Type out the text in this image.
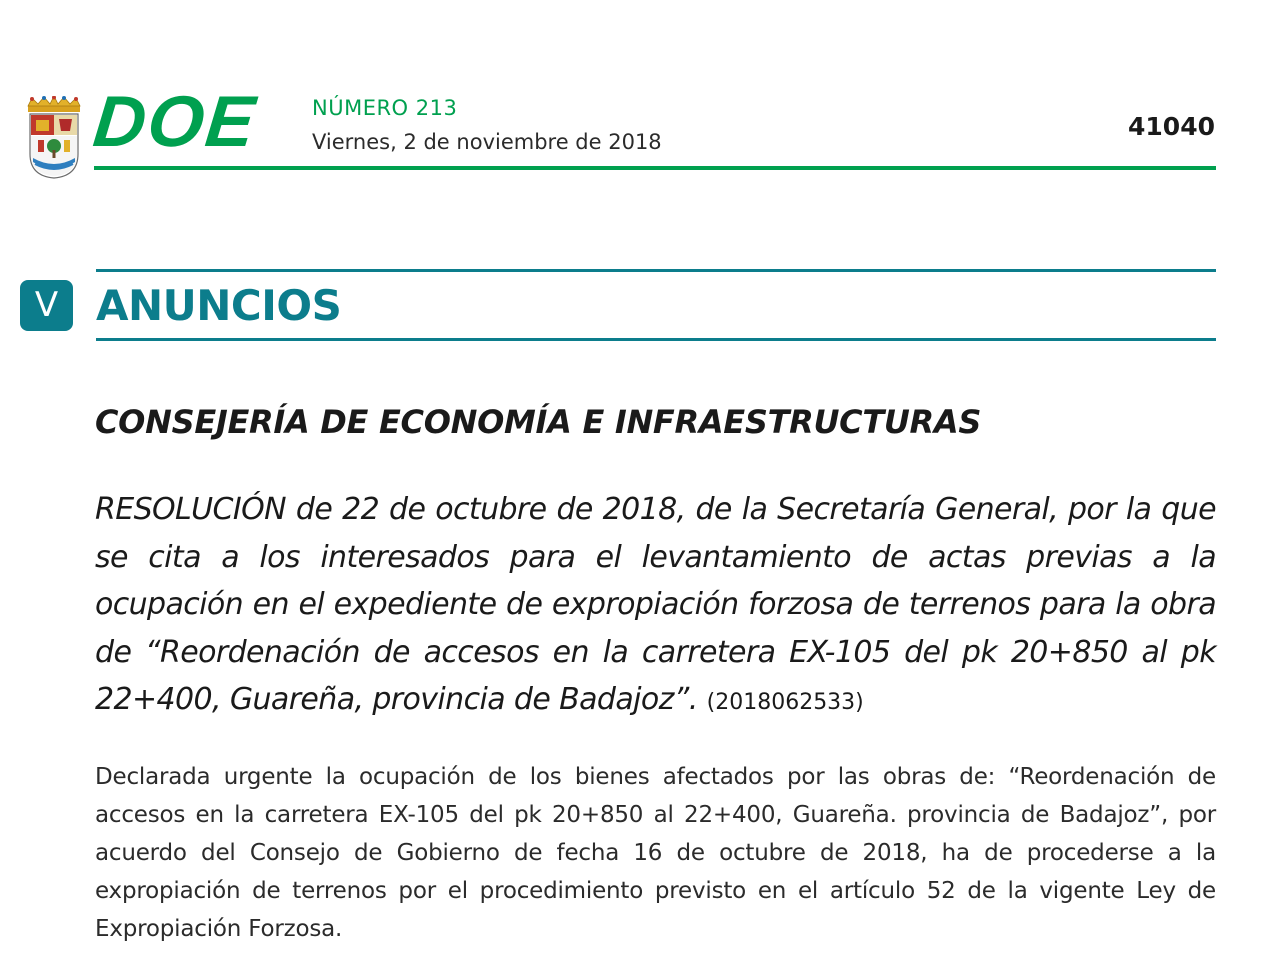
DOE NÚMERO 213
Viernes, 2 de noviembre de 2018
41040
V ANUNCIOS
CONSEJERÍA DE ECONOMÍA E INFRAESTRUCTURAS
RESOLUCIÓN de 22 de octubre de 2018, de la Secretaría General, por la que se cita a los interesados para el levantamiento de actas previas a la ocupación en el expediente de expropiación forzosa de terrenos para la obra de “Reordenación de accesos en la carretera EX-105 del pk 20+850 al pk 22+400, Guareña, provincia de Badajoz”. (2018062533)
Declarada urgente la ocupación de los bienes afectados por las obras de: “Reordenación de accesos en la carretera EX-105 del pk 20+850 al 22+400, Guareña. provincia de Badajoz”, por acuerdo del Consejo de Gobierno de fecha 16 de octubre de 2018, ha de procederse a la expropiación de terrenos por el procedimiento previsto en el artículo 52 de la vigente Ley de Expropiación Forzosa.
